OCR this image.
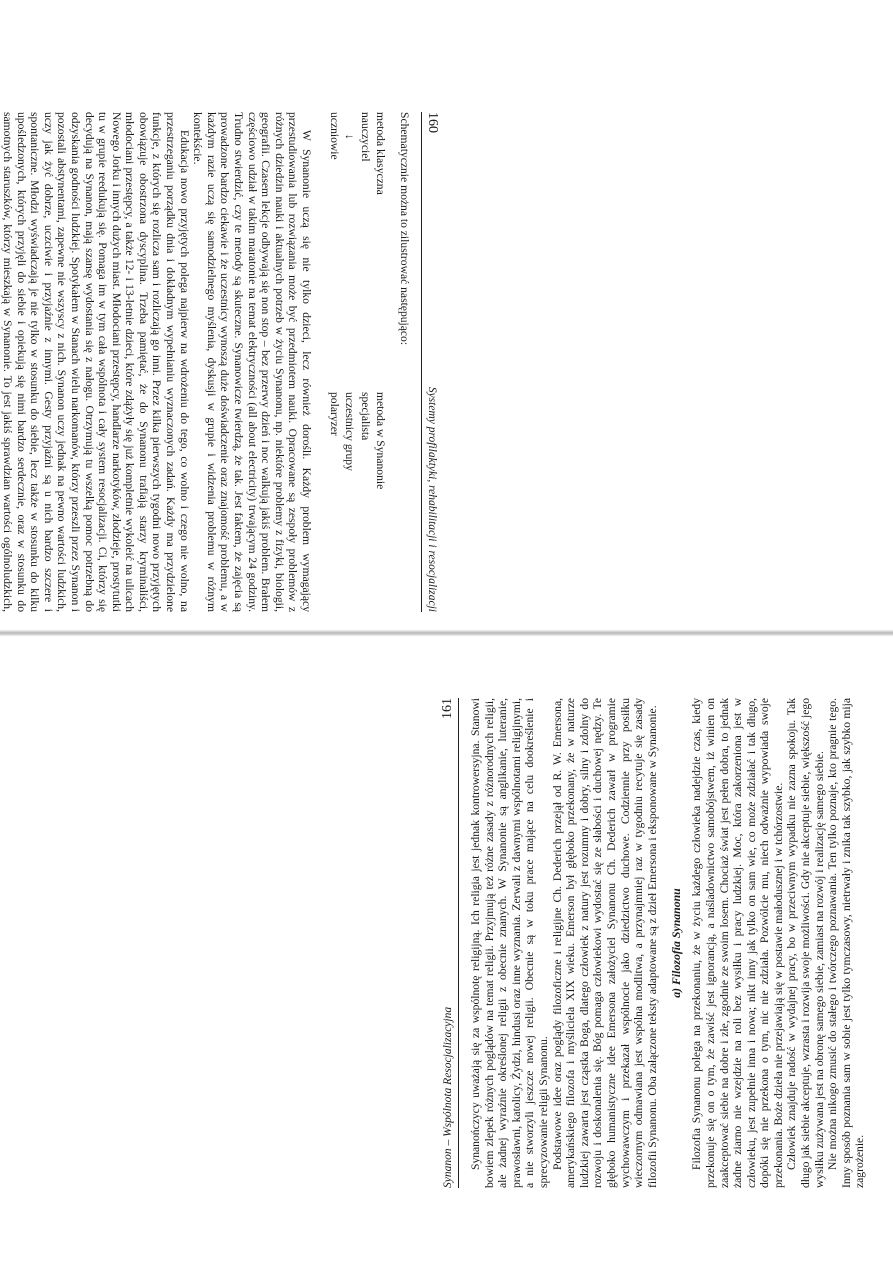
160
Systemy profilaktyki, rehabilitacji i resocjalizacji

Schematycznie można to zilustrować następująco:

metoda klasyczna
metoda w Synanonie
nauczyciel
specjalista
↓
uczestnicy grupy
uczniowie
polaryzer

W Synanonie uczą się nie tylko dzieci, lecz również dorośli. Każdy problem wymagający przestudiowania lub rozwiązania może być przedmiotem nauki. Opracowane są zespoły problemów z różnych dziedzin nauki i aktualnych potrzeb w życiu Synanonu, np. niektóre problemy z fizyki, biologii, geografii. Czasem lekcje odbywają się non stop – bez przerwy dzień i noc walkują jakiś problem. Brałem częściowo udział w takim maratonie na temat elektryczności (all about electricity) trwającym 24 godziny. Trudno stwierdzić, czy te metody są skuteczne. Synanowicze twierdzą, że tak. Jest faktem, że zajęcia są prowadzone bardzo ciekawie i że uczestnicy wynoszą duże doświadczenie oraz znajomość problemu, a w każdym razie uczą się samodzielnego myślenia, dyskusji w grupie i widzenia problemu w różnym kontekście.

Edukacja nowo przyjętych polega najpierw na wdrożeniu do tego, co wolno i czego nie wolno, na przestrzeganiu porządku dnia i dokładnym wypełnianiu wyznaczonych zadań. Każdy ma przydzielone funkcje, z których się rozlicza sam i rozliczają go inni. Przez kilka pierwszych tygodni nowo przyjętych obowiązuje obostrzona dyscyplina. Trzeba pamiętać, że do Synanonu trafiają starzy kryminaliści, młodociani przestępcy, a także 12- i 13-letnie dzieci, które zdążyły się już kompletnie wykoleić na ulicach Nowego Jorku i innych dużych miast. Młodociani przestępcy, handlarze narkotyków, złodzieje, prostytutki tu w grupie reedukują się. Pomaga im w tym cała wspólnota i cały system resocjalizacji. Ci, którzy się decydują na Synanon, mają szansę wydostania się z nałogu. Otrzymują tu wszelką pomoc potrzebną do odzyskania godności ludzkiej. Spotykałem w Stanach wielu narkomanów, którzy przeszli przez Synanon i pozostali abstynentami, zapewne nie wszyscy z nich. Synanon uczy jednak na pewno wartości ludzkich, uczy jak żyć dobrze, uczciwie i przyjaźnie z innymi. Gesty przyjaźni są u nich bardzo szczere i spontaniczne. Młodzi wyświadczają je nie tylko w stosunku do siebie, lecz także w stosunku do kilku upośledzonych, których przyjęli do siebie i opiekują się nimi bardzo serdecznie, oraz w stosunku do samotnych staruszków, którzy mieszkają w Synanonie. To jest jakiś sprawdzian wartości ogólnoludzkich,

Synanon – Wspólnota Resocjalizacyjna
161 Synanończycy uważają się za wspólnotę religijną. Ich religia jest jednak kontrowersyjna. Stanowi bowiem zlepek różnych poglądów na temat religii. Przyjmują też różne zasady z różnorodnych religii, ale żadnej wyraźnie określonej religii z obecnie znanych. W Synanonie są anglikanie, luteranie, prawosławni, katolicy, Żydzi, hindusi oraz inne wyznania. Zerwali z dawnymi wspólnotami religijnymi, a nie stworzyli jeszcze nowej religii. Obecnie są w toku prace mające na celu dookreślenie i sprecyzowanie religii Synanonu. Podstawowe idee oraz poglądy filozoficzne i religijne Ch. Dederich przejął od R. W. Emersona, amerykańskiego filozofa i myśliciela XIX wieku. Emerson był głęboko przekonany, że w naturze ludzkiej zawarta jest cząstka Boga, dlatego człowiek z natury jest rozumny i dobry, silny i zdolny do rozwoju i doskonalenia się. Bóg pomaga człowiekowi wydostać się ze słabości i duchowej nędzy. Te głęboko humanistyczne idee Emersona założyciel Synanonu Ch. Dederich zawarł w programie wychowawczym i przekazał wspólnocie jako dziedzictwo duchowe. Codziennie przy posiłku wieczornym odmawiana jest wspólna modlitwa, a przynajmniej raz w tygodniu recytuje się zasady filozofii Synanonu. Oba załączone teksty adaptowane są z dzieł Emersona i eksponowane w Synanonie. a) Filozofia Synanonu Filozofia Synanonu polega na przekonaniu, że w życiu każdego człowieka nadejdzie czas, kiedy przekonuje się on o tym, że zawiść jest ignorancją, a naśladownictwo samobójstwem, iż winien on zaakceptować siebie na dobre i złe, zgodnie ze swoim losem. Chociaż świat jest pełen dobra, to jednak żadne ziarno nie wzejdzie na roli bez wysiłku i pracy ludzkiej. Moc, która zakorzeniona jest w człowieku, jest zupełnie inna i nowa; nikt inny jak tylko on sam wie, co może zdziałać i tak długo, dopóki się nie przekona o tym, nic nie zdziała. Pozwólcie mu, niech odważnie wypowiada swoje przekonania. Boże dzieła nie przejawiają się w postawie małodusznej i w tchórzostwie. Człowiek znajduje radość w wydajnej pracy, bo w przeciwnym wypadku nie zazna spokoju. Tak długo jak siebie akceptuje, wzrasta i rozwija swoje możliwości. Gdy nie akceptuje siebie, większość jego wysiłku zużywana jest na obronę samego siebie, zamiast na rozwój i realizację samego siebie. Nie można nikogo zmusić do stałego i twórczego poznawania. Ten tylko poznaje, kto pragnie tego. Inny sposób poznania sam w sobie jest tylko tymczasowy, nietrwały i znika tak szybko, jak szybko mija zagrożenie.
